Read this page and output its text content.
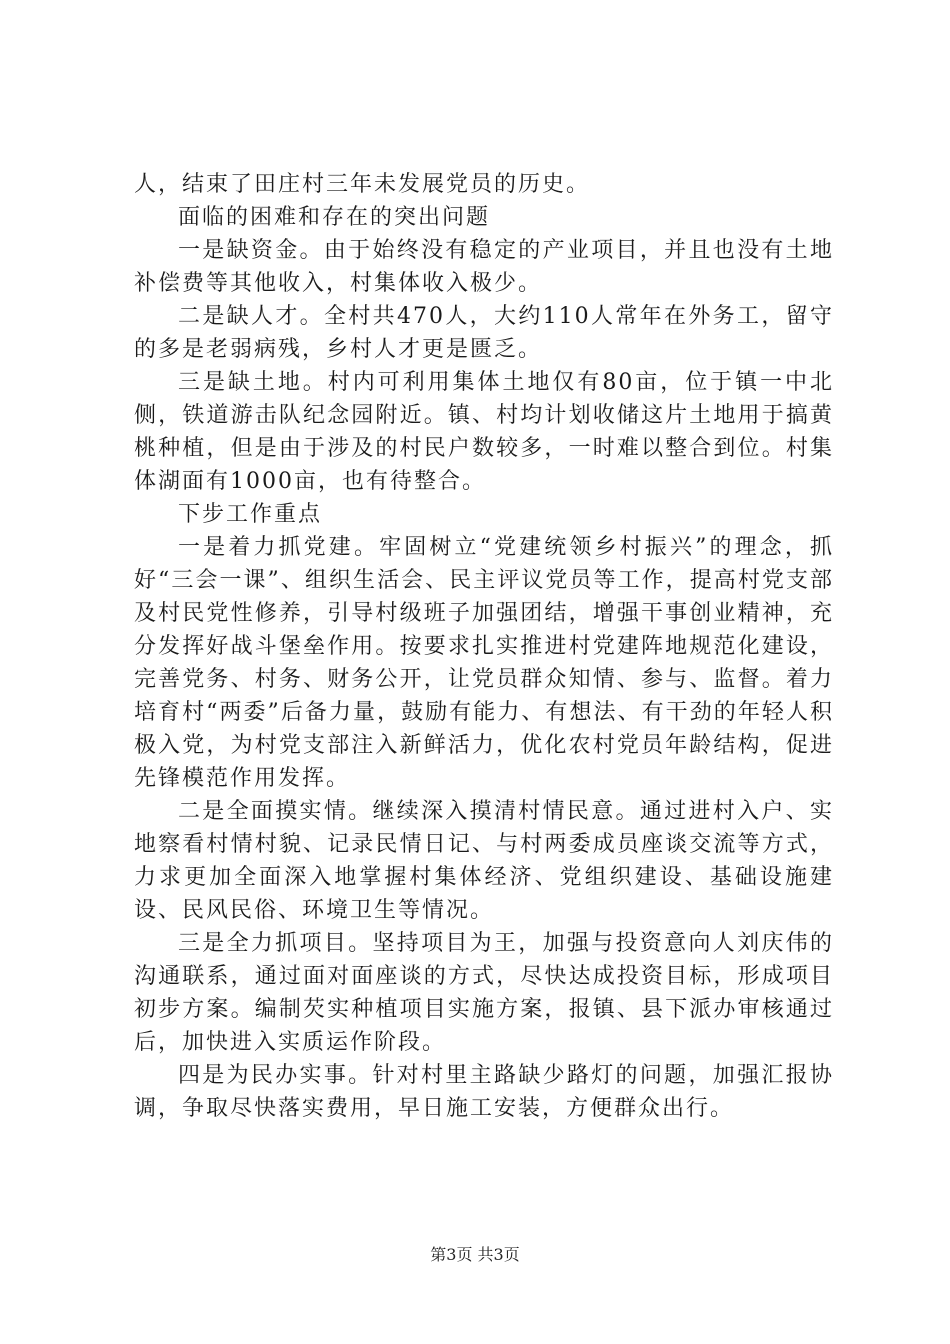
人，结束了田庄村三年未发展党员的历史。

面临的困难和存在的突出问题

一是缺资金。由于始终没有稳定的产业项目，并且也没有土地补偿费等其他收入，村集体收入极少。

二是缺人才。全村共470人，大约110人常年在外务工，留守的多是老弱病残，乡村人才更是匮乏。

三是缺土地。村内可利用集体土地仅有80亩，位于镇一中北侧，铁道游击队纪念园附近。镇、村均计划收储这片土地用于搞黄桃种植，但是由于涉及的村民户数较多，一时难以整合到位。村集体湖面有1000亩，也有待整合。

下步工作重点

一是着力抓党建。牢固树立“党建统领乡村振兴”的理念，抓好“三会一课”、组织生活会、民主评议党员等工作，提高村党支部及村民党性修养，引导村级班子加强团结，增强干事创业精神，充分发挥好战斗堡垒作用。按要求扎实推进村党建阵地规范化建设，完善党务、村务、财务公开，让党员群众知情、参与、监督。着力培育村“两委”后备力量，鼓励有能力、有想法、有干劲的年轻人积极入党，为村党支部注入新鲜活力，优化农村党员年龄结构，促进先锋模范作用发挥。

二是全面摸实情。继续深入摸清村情民意。通过进村入户、实地察看村情村貌、记录民情日记、与村两委成员座谈交流等方式，力求更加全面深入地掌握村集体经济、党组织建设、基础设施建设、民风民俗、环境卫生等情况。

三是全力抓项目。坚持项目为王，加强与投资意向人刘庆伟的沟通联系，通过面对面座谈的方式，尽快达成投资目标，形成项目初步方案。编制芡实种植项目实施方案，报镇、县下派办审核通过后，加快进入实质运作阶段。

四是为民办实事。针对村里主路缺少路灯的问题，加强汇报协调，争取尽快落实费用，早日施工安装，方便群众出行。

第3页 共3页
